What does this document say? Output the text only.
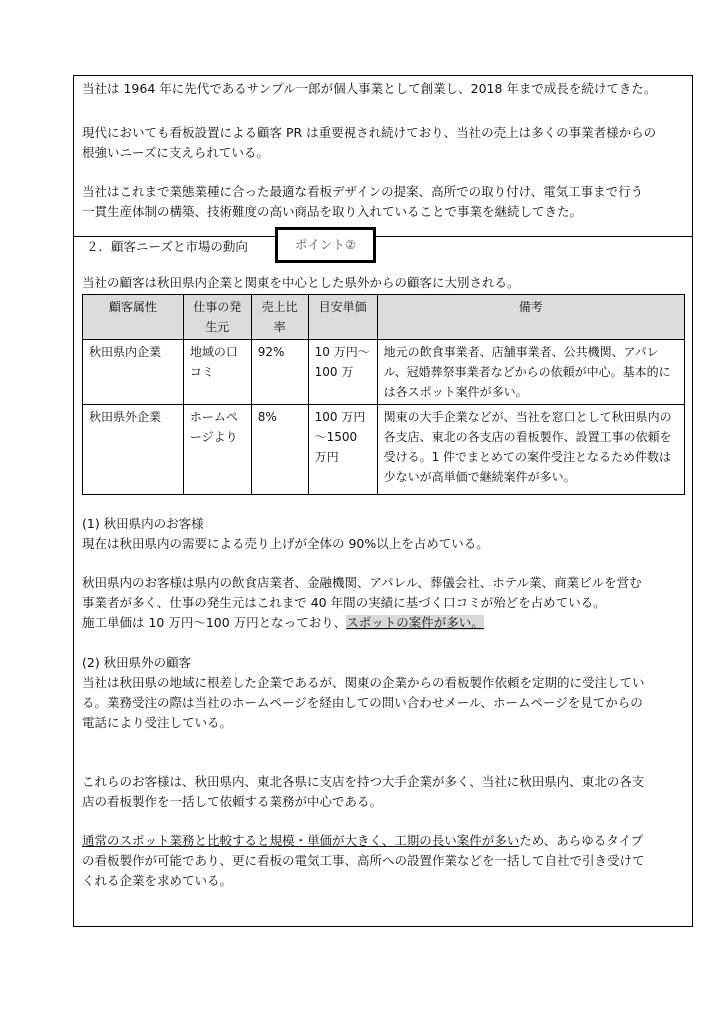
当社は 1964 年に先代であるサンプル一郎が個人事業として創業し、2018 年まで成長を続けてきた。

現代においても看板設置による顧客 PR は重要視され続けており、当社の売上は多くの事業者様からの

根強いニーズに支えられている。

当社はこれまで業態業種に合った最適な看板デザインの提案、高所での取り付け、電気工事まで行う

一貫生産体制の構築、技術難度の高い商品を取り入れていることで事業を継続してきた。

２．顧客ニーズと市場の動向	ポイント②

当社の顧客は秋田県内企業と関東を中心とした県外からの顧客に大別される。

顧客属性	仕事の発生元	売上比率	目安単価	備考
秋田県内企業	地域の口コミ	92%	10 万円～100 万	地元の飲食事業者、店舗事業者、公共機関、アパレル、冠婚葬祭事業者などからの依頼が中心。基本的には各スポット案件が多い。
秋田県外企業	ホームページより	8%	100 万円～1500 万円	関東の大手企業などが、当社を窓口として秋田県内の各支店、東北の各支店の看板製作、設置工事の依頼を受ける。1 件でまとめての案件受注となるため件数は少ないが高単価で継続案件が多い。

(1) 秋田県内のお客様

現在は秋田県内の需要による売り上げが全体の 90%以上を占めている。

秋田県内のお客様は県内の飲食店業者、金融機関、アパレル、葬儀会社、ホテル業、商業ビルを営む

事業者が多く、仕事の発生元はこれまで 40 年間の実績に基づく口コミが殆どを占めている。

施工単価は 10 万円～100 万円となっており、スポットの案件が多い。

(2) 秋田県外の顧客

当社は秋田県の地域に根差した企業であるが、関東の企業からの看板製作依頼を定期的に受注してい

る。業務受注の際は当社のホームページを経由しての問い合わせメール、ホームページを見てからの

電話により受注している。

これらのお客様は、秋田県内、東北各県に支店を持つ大手企業が多く、当社に秋田県内、東北の各支

店の看板製作を一括して依頼する業務が中心である。

通常のスポット業務と比較すると規模・単価が大きく、工期の長い案件が多いため、あらゆるタイプ

の看板製作が可能であり、更に看板の電気工事、高所への設置作業などを一括して自社で引き受けて

くれる企業を求めている。
